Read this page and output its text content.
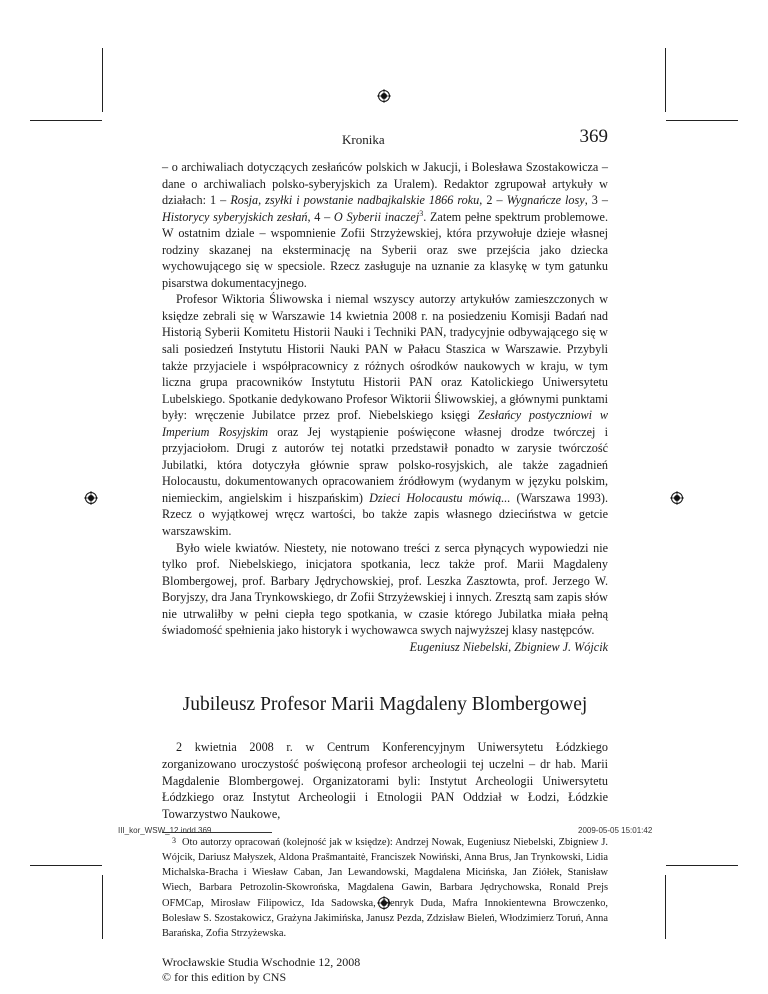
Kronika	369

– o archiwaliach dotyczących zesłańców polskich w Jakucji, i Bolesława Szostakowicza – dane o archiwaliach polsko-syberyjskich za Uralem). Redaktor zgrupował artykuły w działach: 1 – Rosja, zsyłki i powstanie nadbajkalskie 1866 roku, 2 – Wygnańcze losy, 3 – Historycy syberyjskich zesłań, 4 – O Syberii inaczej$^3$. Zatem pełne spektrum problemowe. W ostatnim dziale – wspomnienie Zofii Strzyżewskiej, która przywołuje dzieje własnej rodziny skazanej na eksterminację na Syberii oraz swe przejścia jako dziecka wychowującego się w specsiole. Rzecz zasługuje na uznanie za klasykę w tym gatunku pisarstwa dokumentacyjnego.

Profesor Wiktoria Śliwowska i niemal wszyscy autorzy artykułów zamieszczonych w księdze zebrali się w Warszawie 14 kwietnia 2008 r. na posiedzeniu Komisji Badań nad Historią Syberii Komitetu Historii Nauki i Techniki PAN, tradycyjnie odbywającego się w sali posiedzeń Instytutu Historii Nauki PAN w Pałacu Staszica w Warszawie. Przybyli także przyjaciele i współpracownicy z różnych ośrodków naukowych w kraju, w tym liczna grupa pracowników Instytutu Historii PAN oraz Katolickiego Uniwersytetu Lubelskiego. Spotkanie dedykowano Profesor Wiktorii Śliwowskiej, a głównymi punktami były: wręczenie Jubilatce przez prof. Niebelskiego księgi Zesłańcy postyczniowi w Imperium Rosyjskim oraz Jej wystąpienie poświęcone własnej drodze twórczej i przyjaciołom. Drugi z autorów tej notatki przedstawił ponadto w zarysie twórczość Jubilatki, która dotyczyła głównie spraw polsko-rosyjskich, ale także zagadnień Holocaustu, dokumentowanych opracowaniem źródłowym (wydanym w języku polskim, niemieckim, angielskim i hiszpańskim) Dzieci Holocaustu mówią... (Warszawa 1993). Rzecz o wyjątkowej wręcz wartości, bo także zapis własnego dzieciństwa w getcie warszawskim.

Było wiele kwiatów. Niestety, nie notowano treści z serca płynących wypowiedzi nie tylko prof. Niebelskiego, inicjatora spotkania, lecz także prof. Marii Magdaleny Blombergowej, prof. Barbary Jędrychowskiej, prof. Leszka Zasztowta, prof. Jerzego W. Boryjszy, dra Jana Trynkowskiego, dr Zofii Strzyżewskiej i innych. Zresztą sam zapis słów nie utrwaliłby w pełni ciepła tego spotkania, w czasie którego Jubilatka miała pełną świadomość spełnienia jako historyk i wychowawca swych najwyższej klasy następców.

Eugeniusz Niebelski, Zbigniew J. Wójcik

Jubileusz Profesor Marii Magdaleny Blombergowej

2 kwietnia 2008 r. w Centrum Konferencyjnym Uniwersytetu Łódzkiego zorganizowano uroczystość poświęconą profesor archeologii tej uczelni – dr hab. Marii Magdalenie Blombergowej. Organizatorami byli: Instytut Archeologii Uniwersytetu Łódzkiego oraz Instytut Archeologii i Etnologii PAN Oddział w Łodzi, Łódzkie Towarzystwo Naukowe,

3 Oto autorzy opracowań (kolejność jak w księdze): Andrzej Nowak, Eugeniusz Niebelski, Zbigniew J. Wójcik, Dariusz Małyszek, Aldona Prašmantaitė, Franciszek Nowiński, Anna Brus, Jan Trynkowski, Lidia Michalska-Bracha i Wiesław Caban, Jan Lewandowski, Magdalena Micińska, Jan Ziółek, Stanisław Wiech, Barbara Petrozolin-Skowrońska, Magdalena Gawin, Barbara Jędrychowska, Ronald Prejs OFMCap, Mirosław Filipowicz, Ida Sadowska, Henryk Duda, Mafra Innokientewna Browczenko, Bolesław S. Szostakowicz, Grażyna Jakimińska, Janusz Pezda, Zdzisław Bieleń, Włodzimierz Toruń, Anna Barańska, Zofia Strzyżewska.

Wrocławskie Studia Wschodnie 12, 2008
© for this edition by CNS
III_kor_WSW_12.indd 369	2009-05-05 15:01:42
